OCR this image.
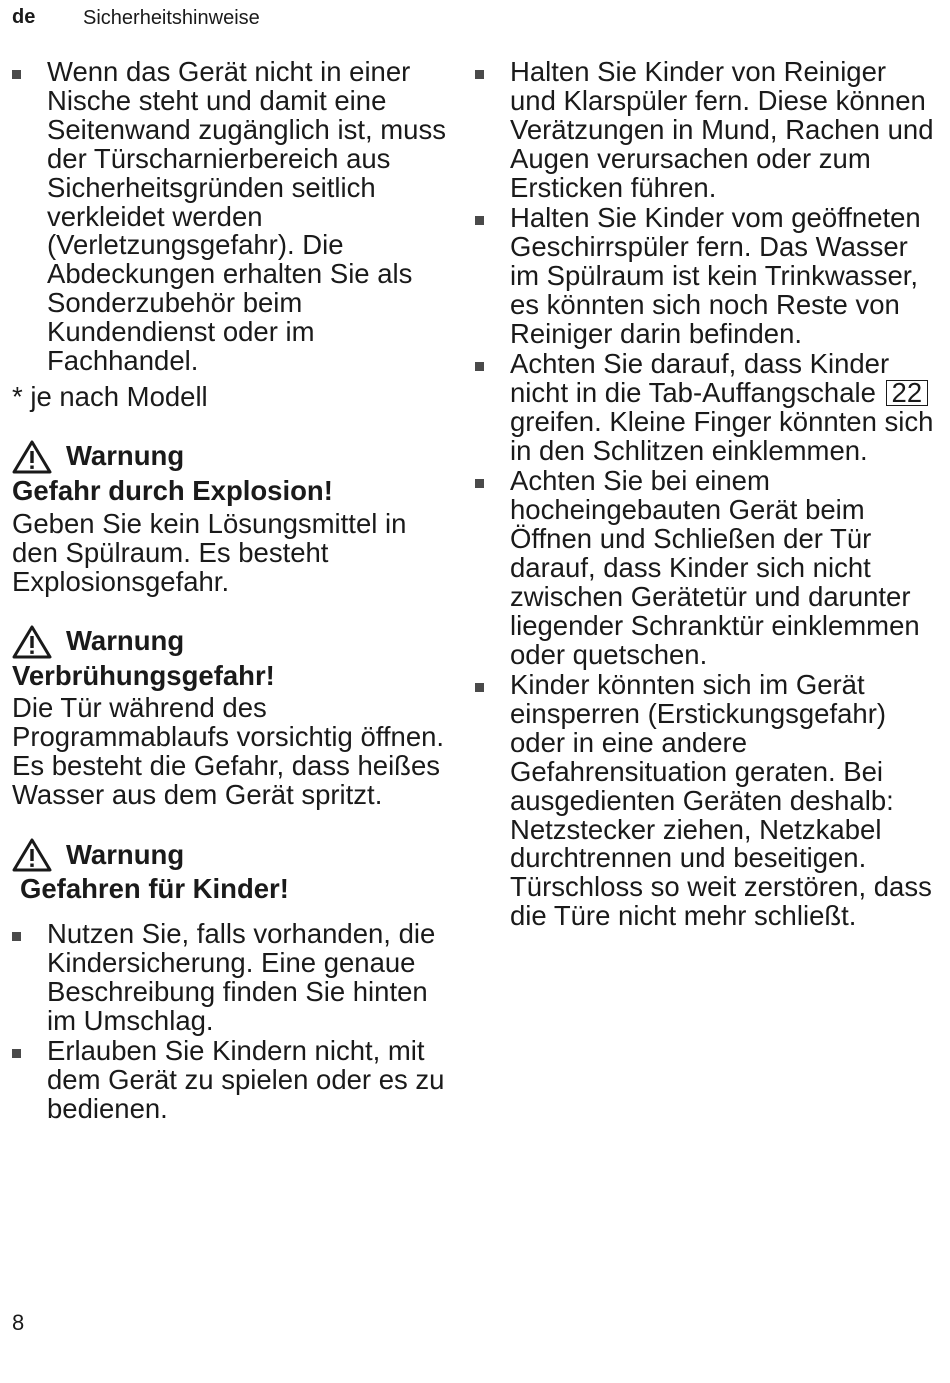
de Sicherheitshinweise
Wenn das Gerät nicht in einer Nische steht und damit eine Seitenwand zugänglich ist, muss der Türscharnierbereich aus Sicherheitsgründen seitlich verkleidet werden (Verletzungsgefahr). Die Abdeckungen erhalten Sie als Sonderzubehör beim Kundendienst oder im Fachhandel.
* je nach Modell
Warnung
Gefahr durch Explosion!
Geben Sie kein Lösungsmittel in den Spülraum. Es besteht Explosionsgefahr.
Warnung
Verbrühungsgefahr!
Die Tür während des Programmablaufs vorsichtig öffnen. Es besteht die Gefahr, dass heißes Wasser aus dem Gerät spritzt.
Warnung
Gefahren für Kinder!
Nutzen Sie, falls vorhanden, die Kindersicherung. Eine genaue Beschreibung finden Sie hinten im Umschlag.
Erlauben Sie Kindern nicht, mit dem Gerät zu spielen oder es zu bedienen.
Halten Sie Kinder von Reiniger und Klarspüler fern. Diese können Verätzungen in Mund, Rachen und Augen verursachen oder zum Ersticken führen.
Halten Sie Kinder vom geöffneten Geschirrspüler fern. Das Wasser im Spülraum ist kein Trinkwasser, es könnten sich noch Reste von Reiniger darin befinden.
Achten Sie darauf, dass Kinder nicht in die Tab-Auffangschale 22 greifen. Kleine Finger könnten sich in den Schlitzen einklemmen.
Achten Sie bei einem hocheingebauten Gerät beim Öffnen und Schließen der Tür darauf, dass Kinder sich nicht zwischen Gerätetür und darunter liegender Schranktür einklemmen oder quetschen.
Kinder könnten sich im Gerät einsperren (Erstickungsgefahr) oder in eine andere Gefahrensituation geraten. Bei ausgedienten Geräten deshalb: Netzstecker ziehen, Netzkabel durchtrennen und beseitigen. Türschloss so weit zerstören, dass die Türe nicht mehr schließt.
8
